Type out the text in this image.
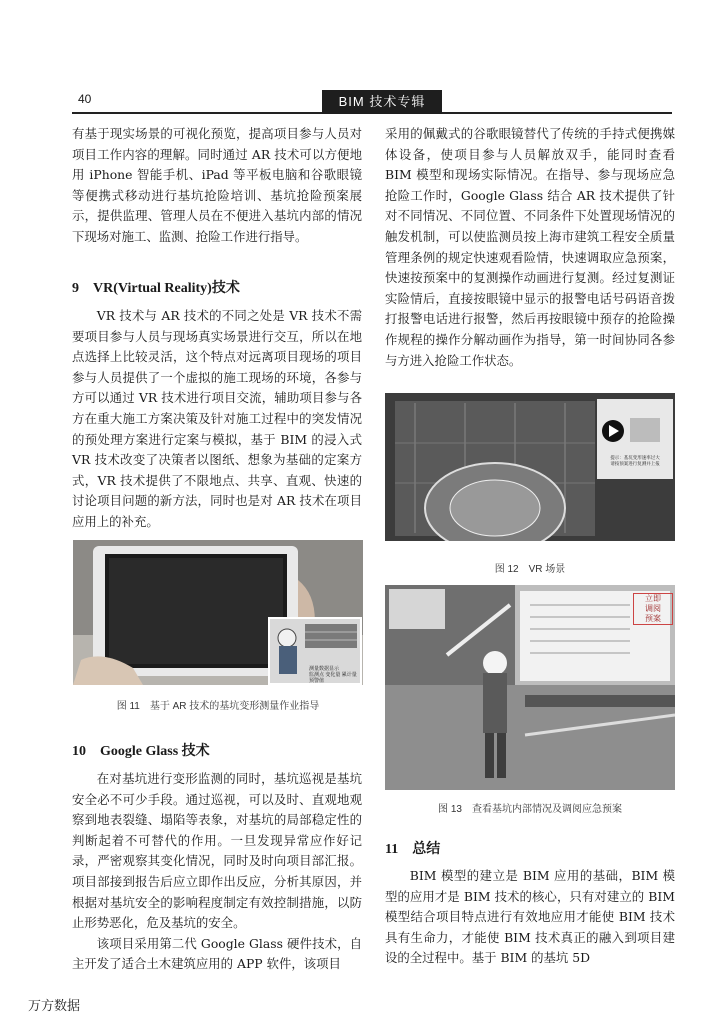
40	BIM 技术专辑

有基于现实场景的可视化预览，提高项目参与人员对项目工作内容的理解。同时通过 AR 技术可以方便地用 iPhone 智能手机、iPad 等平板电脑和谷歌眼镜等便携式移动进行基坑抢险培训、基坑抢险预案展示，提供监理、管理人员在不便进入基坑内部的情况下现场对施工、监测、抢险工作进行指导。

9　VR(Virtual Reality)技术

VR 技术与 AR 技术的不同之处是 VR 技术不需要项目参与人员与现场真实场景进行交互，所以在地点选择上比较灵活，这个特点对远离项目现场的项目参与人员提供了一个虚拟的施工现场的环境，各参与方可以通过 VR 技术进行项目交流，辅助项目参与各方在重大施工方案决策及针对施工过程中的突发情况的预处理方案进行定案与模拟，基于 BIM 的浸入式 VR 技术改变了决策者以图纸、想象为基础的定案方式，VR 技术提供了不限地点、共享、直观、快速的讨论项目问题的新方法，同时也是对 AR 技术在项目应用上的补充。

测量数据显示
监测点 变化量 累计量 预警值
图 11　基于 AR 技术的基坑变形测量作业指导
10　Google Glass 技术

在对基坑进行变形监测的同时，基坑巡视是基坑安全必不可少手段。通过巡视，可以及时、直观地观察到地表裂缝、塌陷等表象，对基坑的局部稳定性的判断起着不可替代的作用。一旦发现异常应作好记录，严密观察其变化情况，同时及时向项目部汇报。项目部接到报告后应立即作出反应，分析其原因，并根据对基坑安全的影响程度制定有效控制措施，以防止形势恶化，危及基坑的安全。

该项目采用第二代 Google Glass 硬件技术，自主开发了适合土木建筑应用的 APP 软件，该项目

采用的佩戴式的谷歌眼镜替代了传统的手持式便携媒体设备，使项目参与人员解放双手，能同时查看 BIM 模型和现场实际情况。在指导、参与现场应急抢险工作时，Google Glass 结合 AR 技术提供了针对不同情况、不同位置、不同条件下处置现场情况的触发机制，可以使监测员按上海市建筑工程安全质量管理条例的规定快速观看险情，快速调取应急预案，快速按预案中的复测操作动画进行复测。经过复测证实险情后，直接按眼镜中显示的报警电话号码语音拨打报警电话进行报警，然后再按眼镜中预存的抢险操作规程的操作分解动画作为指导，第一时间协同各参与方进入抢险工作状态。

提示：基坑变形速率过大
请按预案进行复测并上报
图 12　VR 场景
立即
调阅
预案
图 13　查看基坑内部情况及调阅应急预案
11　总结

BIM 模型的建立是 BIM 应用的基础，BIM 模型的应用才是 BIM 技术的核心，只有对建立的 BIM 模型结合项目特点进行有效地应用才能使 BIM 技术具有生命力，才能使 BIM 技术真正的融入到项目建设的全过程中。基于 BIM 的基坑 5D

万方数据
